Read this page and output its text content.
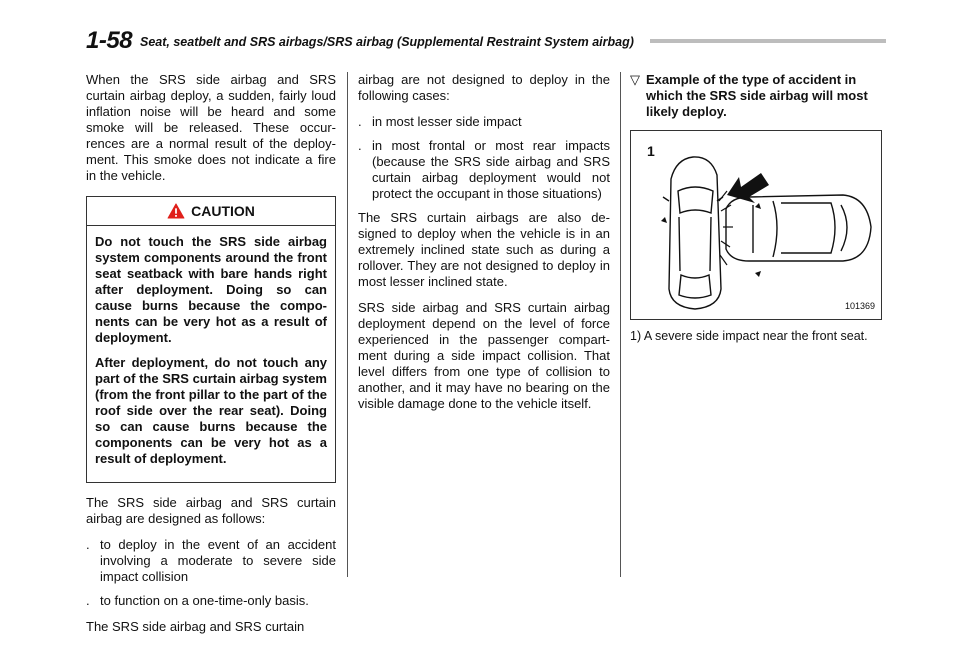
1-58 Seat, seatbelt and SRS airbags/SRS airbag (Supplemental Restraint System airbag)

When the SRS side airbag and SRS curtain airbag deploy, a sudden, fairly loud inflation noise will be heard and some smoke will be released. These occur-rences are a normal result of the deploy-ment. This smoke does not indicate a fire in the vehicle.

CAUTION

Do not touch the SRS side airbag system components around the front seat seatback with bare hands right after deployment. Doing so can cause burns because the compo-nents can be very hot as a result of deployment.

After deployment, do not touch any part of the SRS curtain airbag system (from the front pillar to the part of the roof side over the rear seat). Doing so can cause burns because the components can be very hot as a result of deployment.

The SRS side airbag and SRS curtain airbag are designed as follows:

. to deploy in the event of an accident involving a moderate to severe side impact collision
. to function on a one-time-only basis.

The SRS side airbag and SRS curtain

airbag are not designed to deploy in the following cases:

. in most lesser side impact
. in most frontal or most rear impacts (because the SRS side airbag and SRS curtain airbag deployment would not protect the occupant in those situations)

The SRS curtain airbags are also de-signed to deploy when the vehicle is in an extremely inclined state such as during a rollover. They are not designed to deploy in most lesser inclined state.

SRS side airbag and SRS curtain airbag deployment depend on the level of force experienced in the passenger compart-ment during a side impact collision. That level differs from one type of collision to another, and it may have no bearing on the visible damage done to the vehicle itself.

▽ Example of the type of accident in which the SRS side airbag will most likely deploy.
1
101369
1) A severe side impact near the front seat.
